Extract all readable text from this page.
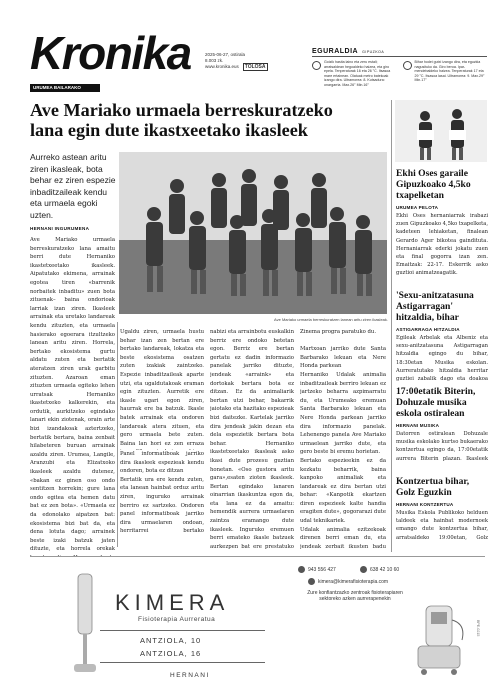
Kronika	2025-06-27, ostirala
8.003 zk.
www.kronika.eus TOLOSA
URUMEA BAILARAKO EGUNKARIA
EGURALDIA GIPUZKOA
Goizik hasita laino eta zeru estali; arratsaldean hegoaldeko haizea, eta giro epela. Tenperaturak 16 eta 26 °C. Itsasoa mare ertainean. Olatuak metro batekoak izango dira. Ultramorea: 8. Kutsadura: onargarria. Max.26° Min.16°
Bihar hodei gutxi izango dira, eta eguzkia nagusituko da. Giro beroa. Ipar-mendebaldeko haizea. Tenperaturak 17 eta 29 °C. Itsasoa lasai. Ultramorea: 9. Max.29° Min.17°
Ave Mariako urmaela berreskuratzeko
lana egin dute ikastxeetako ikasleek
Aurreko astean aritu
ziren ikasleak, bota
behar ez ziren espezie
inbaditzaileak kendu
eta urmaela egoki
uzten.
Ave Mariako urmaela berreskuratzen lanean aritu ziren ikasleak.
HERNANI INGURUMENA
Ave Mariako urmaela berreskuratzeko lana amaitu berri dute Hernaniko ikastetxeetako ikasleek. Aipatutako ekimena, arrainak egotea tiren «barrenik norbaitek inbaditu» zuen bota zituenak– baina ondorioak larriak izan ziren. Ikasleek arrainak eta uretako landareak kendu zituzten, eta urmaela hasierako egoerara itzultzeko lanean aritu ziren. Horrela, bertako ekosistema gurtu aldatu zuten eta bertatik ateratzen ziren urak garbitu zituzten. Azaroan eman zituzten urmaela egiteko lehen urratsak Hernaniko ikastetxeko kalkerekin, eta ordutik, aurkitzeko egindako lanari ekin ziotenak, orain arte bizi izandakoak aztertzeko, bertatik bertara, baina zenbait hilabeteren buruan arrainak azaldu ziren. Urumea, Langile, Aranzubi eta Elizatxoko ikasleek azaldu dutenez, «bakan ez ginen oso ondo sentitzen horrekin; gure lana ondo egitea eta hemen datu bat ez zen bota». «Urmaela ez da edonolako aipatzen bat: ekosistema bizi bat da, eta dena lotuta dago; arrainek beste izaki batzuk jaten dituzte, eta horrela orekak
Ugaldu ziren, urmaela hustu behar izan zen bertan ere bertako landareak, lokatza eta beste ekosistema osatzen zuten izakiak zaintzeko. Espezie inbaditzaileak aparte utzi, eta ugaldutakoak eraman egin zituzten. Aurretik ere ikasle ugari egon ziren, haurrak ere ba batzuk. Ikasle batek arrainak eta ondoren landareak atera zituen, eta gero urmaela bete zuten. Baina lan hori ez zen erraza
Panel informatiboak jarriko dira ikasleek espezieak kendu ondoren, bota ez ditzan
Bertatik ura ere kendu zuten, eta lanean hainbat orduz aritu ziren, inguruko arrainak berriro ez sartzeko. Ondoren panel informatiboak jarriko dira urmaelaren ondoan, herritarrei bertako
nabizi eta arrainbotu euskalkin berriz ere ondoko betetan egon. Berriz ere bertan gertatu ez dadin informazio panelak jarriko dituzte, jendeak «arraink» eta dortokak bertara bota ez ditzan. Ez da animaliarik bertan utzi behar, bakarrik jaiotako eta hazitako espezieak bizi daitezke. Kartelak jarriko dira jendeak jakin dezan eta dela espezietik bertara bota behar. Hernaniko ikastetxeetako ikasleak asko ikasi dute prozesu guztian honetan. «Oso gustora aritu gara»,esaten zioten ikasleek. Bertan egindako lanaren oinarrian ikaskuntza egon da, eta lana ez da amaitu: hemendik aurrera urmaelaren zaintza eramango dute ikasleek. Inguruko eremuen berri emateko ikasle batzuek aurkezpen bat ere prestatuko
Zinema progra paratuko du.

Martxoan jarriko dute Santa Barbarako lekuan eta Nere Honda parkean
Hernaniko Udalak animalia inbaditzaileak berriro lekuan ez jartzeko beharra azpimarratu du, eta Urumeako eremuan Santa Barbarako lekuan eta Nere Honda parkean jarriko dira informazio panelak. Lehenengo panela Ave Mariako urmaelean jarriko dute, eta gero beste bi eremu horietan.
Bertako espezieekin ez da kezkatu beharrik, baina kanpoko animaliak eta landareak ez dira bertan utzi behar: «Kanpotik ekartzen diren espezieek kalte handia eragiten dute», gogorarazi dute udal teknikariek.
Udalak animalia ezitzekoak direnen berri eman du, eta jendeak zerbait ikusten badu
Ekhi Oses garaile
Gipuzkoako 4,5ko
txapelketan
URUMEA PELOTA
Ekhi Oses hernaniarrak irabazi zuen Gipuzkoako 4,5ko txapelketa, kadeteen lehiaketan, finalean Gerardo Ager bikotea gaindituta. Hernaniarrak ederki jokatu zuen eta final gogorra izan zen. Emaitzak: 22-17. Eskerrik asko guztioi animatzeagatik.
'Sexu-anitzatasuna
Astigarragan'
hitzaldia, bihar
ASTIGARRAGA HITZALDIA
Egileak Arbelak eta Albeniz eta sexu-anitzatasuna Astigarragan hitzaldia egingo du bihar, 18:30etan Musika eskolan. Aurreratutako hitzaldia herritar guztiei zabalik dago eta doakoa
17:00etatik Biterin,
Dohuzale musika
eskola ostiralean
HERNANI MUSIKA
Datorren ostiralean Dohuzale musika eskolako kurtso bukaerako kontzertua egingo da, 17:00etatik aurrera Biterin plazan. Ikasleek
Kontzertua bihar,
Golz Eguzkin
HERNANI KONTZERTUA
Musika Eskola Publikoko helduen taldeek eta hainbat modernoek emango dute kontzertua bihar, arratsaldeko 19:00etan, Golz
KIMERA
Fisioterapia Aurreratua
ANTZIOLA, 10
ANTZIOLA, 16
HERNANI
943 556 427	638 42 10 60
kimera@kimerafisioterapia.com
Zure konfiantzazko zentroak fisioterapiaren sektoreko azken aurrerapenekin
BPE-0215
